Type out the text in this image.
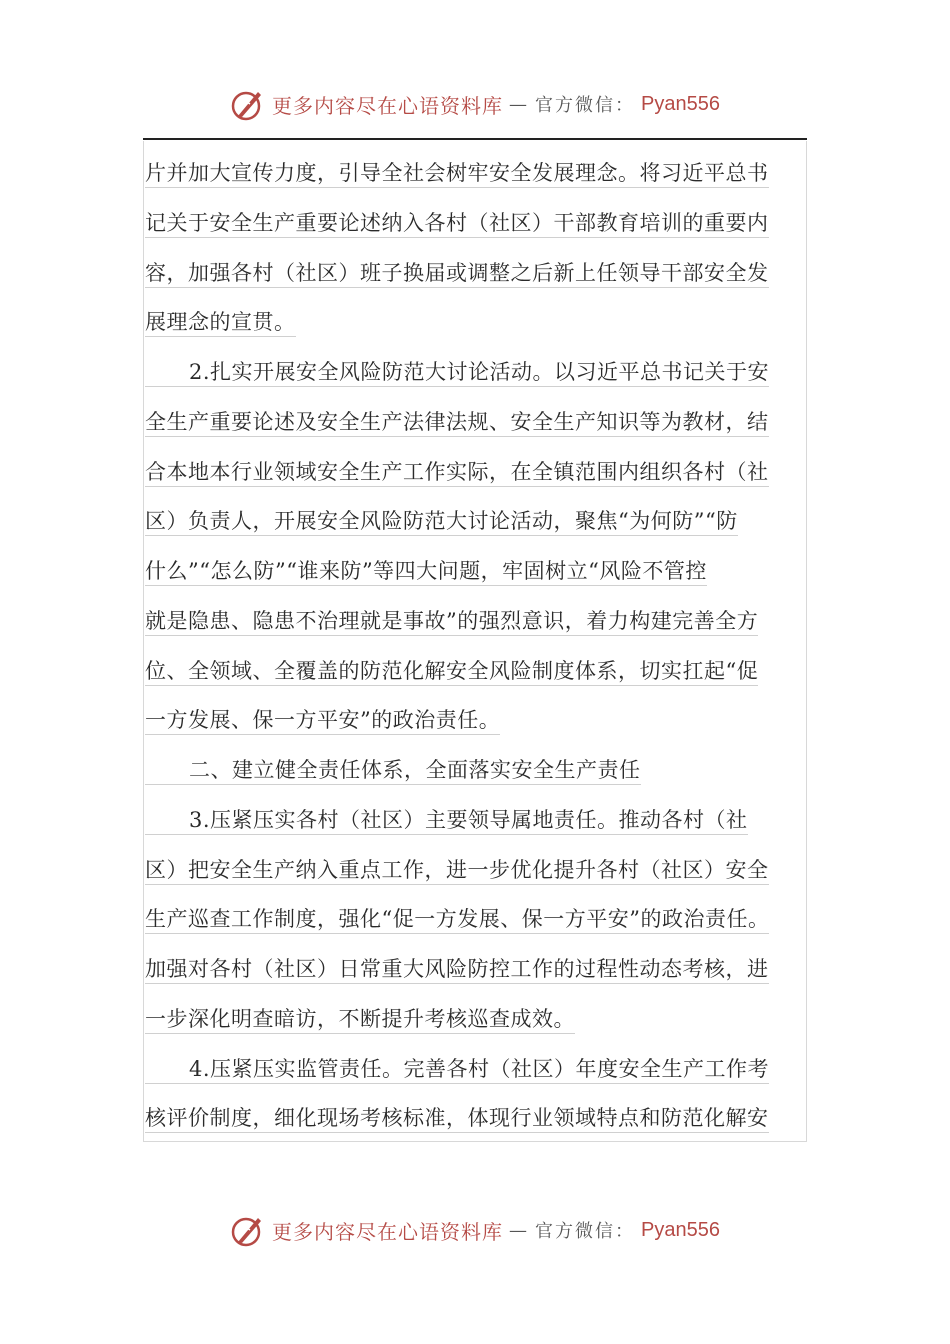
更多内容尽在心语资料库 — 官方微信： Pyan556
片并加大宣传力度，引导全社会树牢安全发展理念。将习近平总书
记关于安全生产重要论述纳入各村（社区）干部教育培训的重要内
容，加强各村（社区）班子换届或调整之后新上任领导干部安全发
展理念的宣贯。
2.扎实开展安全风险防范大讨论活动。以习近平总书记关于安
全生产重要论述及安全生产法律法规、安全生产知识等为教材，结
合本地本行业领域安全生产工作实际，在全镇范围内组织各村（社
区）负责人，开展安全风险防范大讨论活动，聚焦“为何防”“防
什么”“怎么防”“谁来防”等四大问题，牢固树立“风险不管控
就是隐患、隐患不治理就是事故”的强烈意识，着力构建完善全方
位、全领域、全覆盖的防范化解安全风险制度体系，切实扛起“促
一方发展、保一方平安”的政治责任。
二、建立健全责任体系，全面落实安全生产责任
3.压紧压实各村（社区）主要领导属地责任。推动各村（社
区）把安全生产纳入重点工作，进一步优化提升各村（社区）安全
生产巡查工作制度，强化“促一方发展、保一方平安”的政治责任。
加强对各村（社区）日常重大风险防控工作的过程性动态考核，进
一步深化明查暗访，不断提升考核巡查成效。
4.压紧压实监管责任。完善各村（社区）年度安全生产工作考
核评价制度，细化现场考核标准，体现行业领域特点和防范化解安
更多内容尽在心语资料库 — 官方微信： Pyan556
